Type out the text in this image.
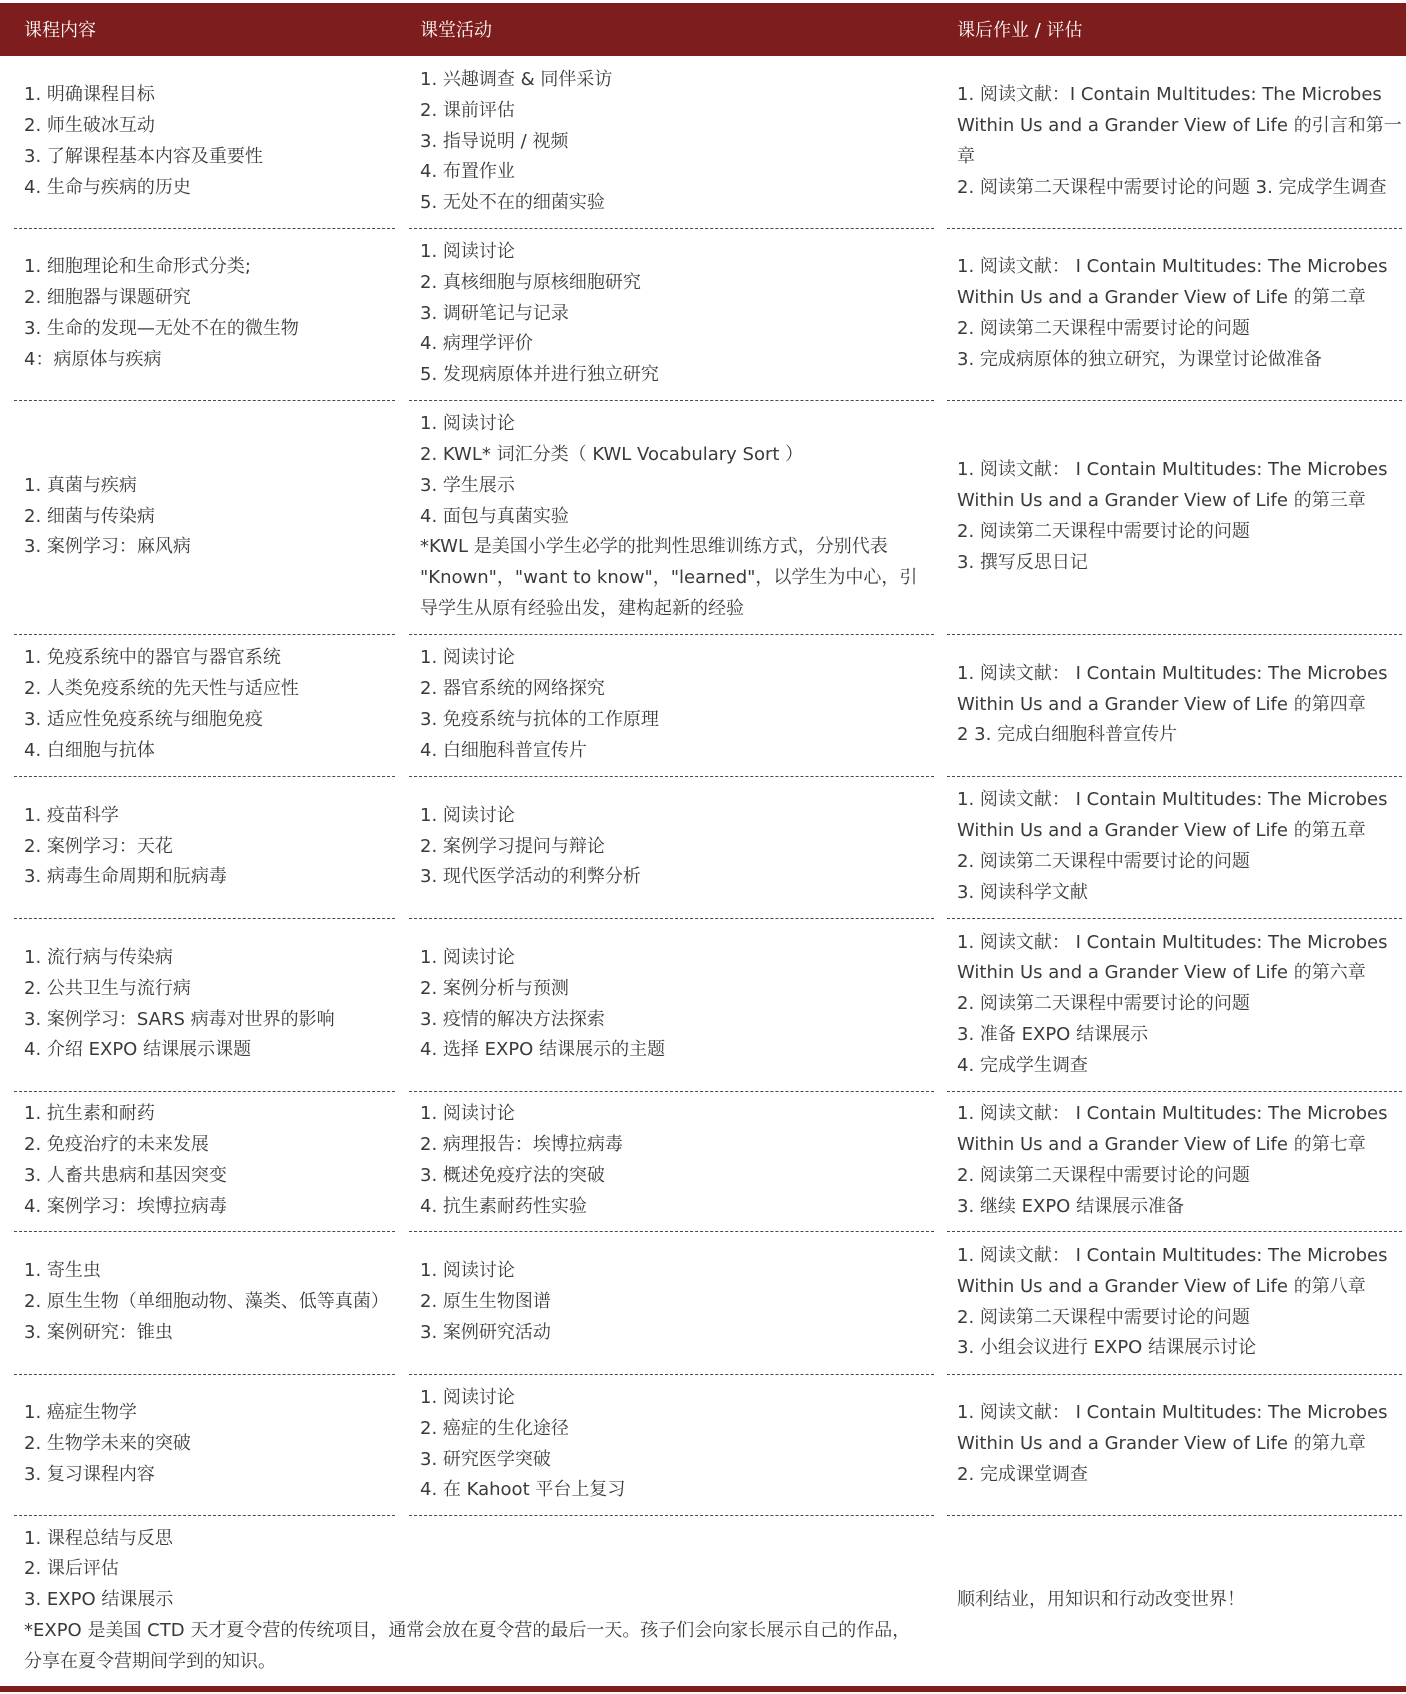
课程内容	课堂活动	课后作业 / 评估
1. 明确课程目标
2. 师生破冰互动
3. 了解课程基本内容及重要性
4. 生命与疾病的历史
1. 兴趣调查 & 同伴采访
2. 课前评估
3. 指导说明 / 视频
4. 布置作业
5. 无处不在的细菌实验
1. 阅读文献：I Contain Multitudes: The Microbes
Within Us and a Grander View of Life 的引言和第一
章
2. 阅读第二天课程中需要讨论的问题 3. 完成学生调查
1. 细胞理论和生命形式分类;
2. 细胞器与课题研究
3. 生命的发现—无处不在的微生物
4：病原体与疾病
1. 阅读讨论
2. 真核细胞与原核细胞研究
3. 调研笔记与记录
4. 病理学评价
5. 发现病原体并进行独立研究
1. 阅读文献： I Contain Multitudes: The Microbes
Within Us and a Grander View of Life 的第二章
2. 阅读第二天课程中需要讨论的问题
3. 完成病原体的独立研究，为课堂讨论做准备
1. 真菌与疾病
2. 细菌与传染病
3. 案例学习：麻风病
1. 阅读讨论
2. KWL* 词汇分类（ KWL Vocabulary Sort ）
3. 学生展示
4. 面包与真菌实验
*KWL 是美国小学生必学的批判性思维训练方式，分别代表
"Known"，"want to know"，"learned"，以学生为中心，引
导学生从原有经验出发，建构起新的经验
1. 阅读文献： I Contain Multitudes: The Microbes
Within Us and a Grander View of Life 的第三章
2. 阅读第二天课程中需要讨论的问题
3. 撰写反思日记
1. 免疫系统中的器官与器官系统
2. 人类免疫系统的先天性与适应性
3. 适应性免疫系统与细胞免疫
4. 白细胞与抗体
1. 阅读讨论
2. 器官系统的网络探究
3. 免疫系统与抗体的工作原理
4. 白细胞科普宣传片
1. 阅读文献： I Contain Multitudes: The Microbes
Within Us and a Grander View of Life 的第四章
2 3. 完成白细胞科普宣传片
1. 疫苗科学
2. 案例学习：天花
3. 病毒生命周期和朊病毒
1. 阅读讨论
2. 案例学习提问与辩论
3. 现代医学活动的利弊分析
1. 阅读文献： I Contain Multitudes: The Microbes
Within Us and a Grander View of Life 的第五章
2. 阅读第二天课程中需要讨论的问题
3. 阅读科学文献
1. 流行病与传染病
2. 公共卫生与流行病
3. 案例学习：SARS 病毒对世界的影响
4. 介绍 EXPO 结课展示课题
1. 阅读讨论
2. 案例分析与预测
3. 疫情的解决方法探索
4. 选择 EXPO 结课展示的主题
1. 阅读文献： I Contain Multitudes: The Microbes
Within Us and a Grander View of Life 的第六章
2. 阅读第二天课程中需要讨论的问题
3. 准备 EXPO 结课展示
4. 完成学生调查
1. 抗生素和耐药
2. 免疫治疗的未来发展
3. 人畜共患病和基因突变
4. 案例学习：埃博拉病毒
1. 阅读讨论
2. 病理报告：埃博拉病毒
3. 概述免疫疗法的突破
4. 抗生素耐药性实验
1. 阅读文献： I Contain Multitudes: The Microbes
Within Us and a Grander View of Life 的第七章
2. 阅读第二天课程中需要讨论的问题
3. 继续 EXPO 结课展示准备
1. 寄生虫
2. 原生生物（单细胞动物、藻类、低等真菌）
3. 案例研究：锥虫
1. 阅读讨论
2. 原生生物图谱
3. 案例研究活动
1. 阅读文献： I Contain Multitudes: The Microbes
Within Us and a Grander View of Life 的第八章
2. 阅读第二天课程中需要讨论的问题
3. 小组会议进行 EXPO 结课展示讨论
1. 癌症生物学
2. 生物学未来的突破
3. 复习课程内容
1. 阅读讨论
2. 癌症的生化途径
3. 研究医学突破
4. 在 Kahoot 平台上复习
1. 阅读文献： I Contain Multitudes: The Microbes
Within Us and a Grander View of Life 的第九章
2. 完成课堂调查
1. 课程总结与反思
2. 课后评估
3. EXPO 结课展示
*EXPO 是美国 CTD 天才夏令营的传统项目，通常会放在夏令营的最后一天。孩子们会向家长展示自己的作品，
分享在夏令营期间学到的知识。
顺利结业，用知识和行动改变世界！
